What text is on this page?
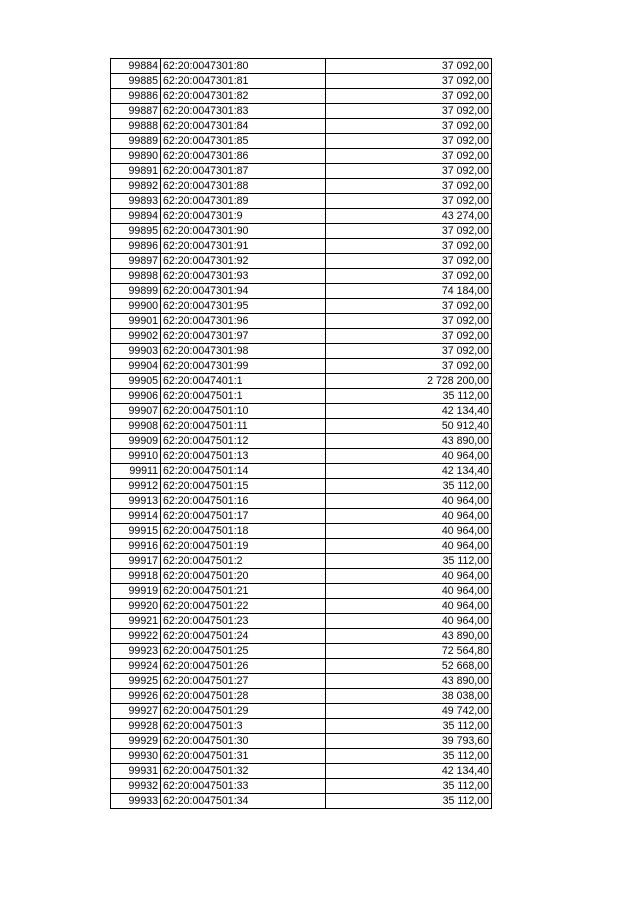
99884	62:20:0047301:80	37 092,00
99885	62:20:0047301:81	37 092,00
99886	62:20:0047301:82	37 092,00
99887	62:20:0047301:83	37 092,00
99888	62:20:0047301:84	37 092,00
99889	62:20:0047301:85	37 092,00
99890	62:20:0047301:86	37 092,00
99891	62:20:0047301:87	37 092,00
99892	62:20:0047301:88	37 092,00
99893	62:20:0047301:89	37 092,00
99894	62:20:0047301:9	43 274,00
99895	62:20:0047301:90	37 092,00
99896	62:20:0047301:91	37 092,00
99897	62:20:0047301:92	37 092,00
99898	62:20:0047301:93	37 092,00
99899	62:20:0047301:94	74 184,00
99900	62:20:0047301:95	37 092,00
99901	62:20:0047301:96	37 092,00
99902	62:20:0047301:97	37 092,00
99903	62:20:0047301:98	37 092,00
99904	62:20:0047301:99	37 092,00
99905	62:20:0047401:1	2 728 200,00
99906	62:20:0047501:1	35 112,00
99907	62:20:0047501:10	42 134,40
99908	62:20:0047501:11	50 912,40
99909	62:20:0047501:12	43 890,00
99910	62:20:0047501:13	40 964,00
99911	62:20:0047501:14	42 134,40
99912	62:20:0047501:15	35 112,00
99913	62:20:0047501:16	40 964,00
99914	62:20:0047501:17	40 964,00
99915	62:20:0047501:18	40 964,00
99916	62:20:0047501:19	40 964,00
99917	62:20:0047501:2	35 112,00
99918	62:20:0047501:20	40 964,00
99919	62:20:0047501:21	40 964,00
99920	62:20:0047501:22	40 964,00
99921	62:20:0047501:23	40 964,00
99922	62:20:0047501:24	43 890,00
99923	62:20:0047501:25	72 564,80
99924	62:20:0047501:26	52 668,00
99925	62:20:0047501:27	43 890,00
99926	62:20:0047501:28	38 038,00
99927	62:20:0047501:29	49 742,00
99928	62:20:0047501:3	35 112,00
99929	62:20:0047501:30	39 793,60
99930	62:20:0047501:31	35 112,00
99931	62:20:0047501:32	42 134,40
99932	62:20:0047501:33	35 112,00
99933	62:20:0047501:34	35 112,00
